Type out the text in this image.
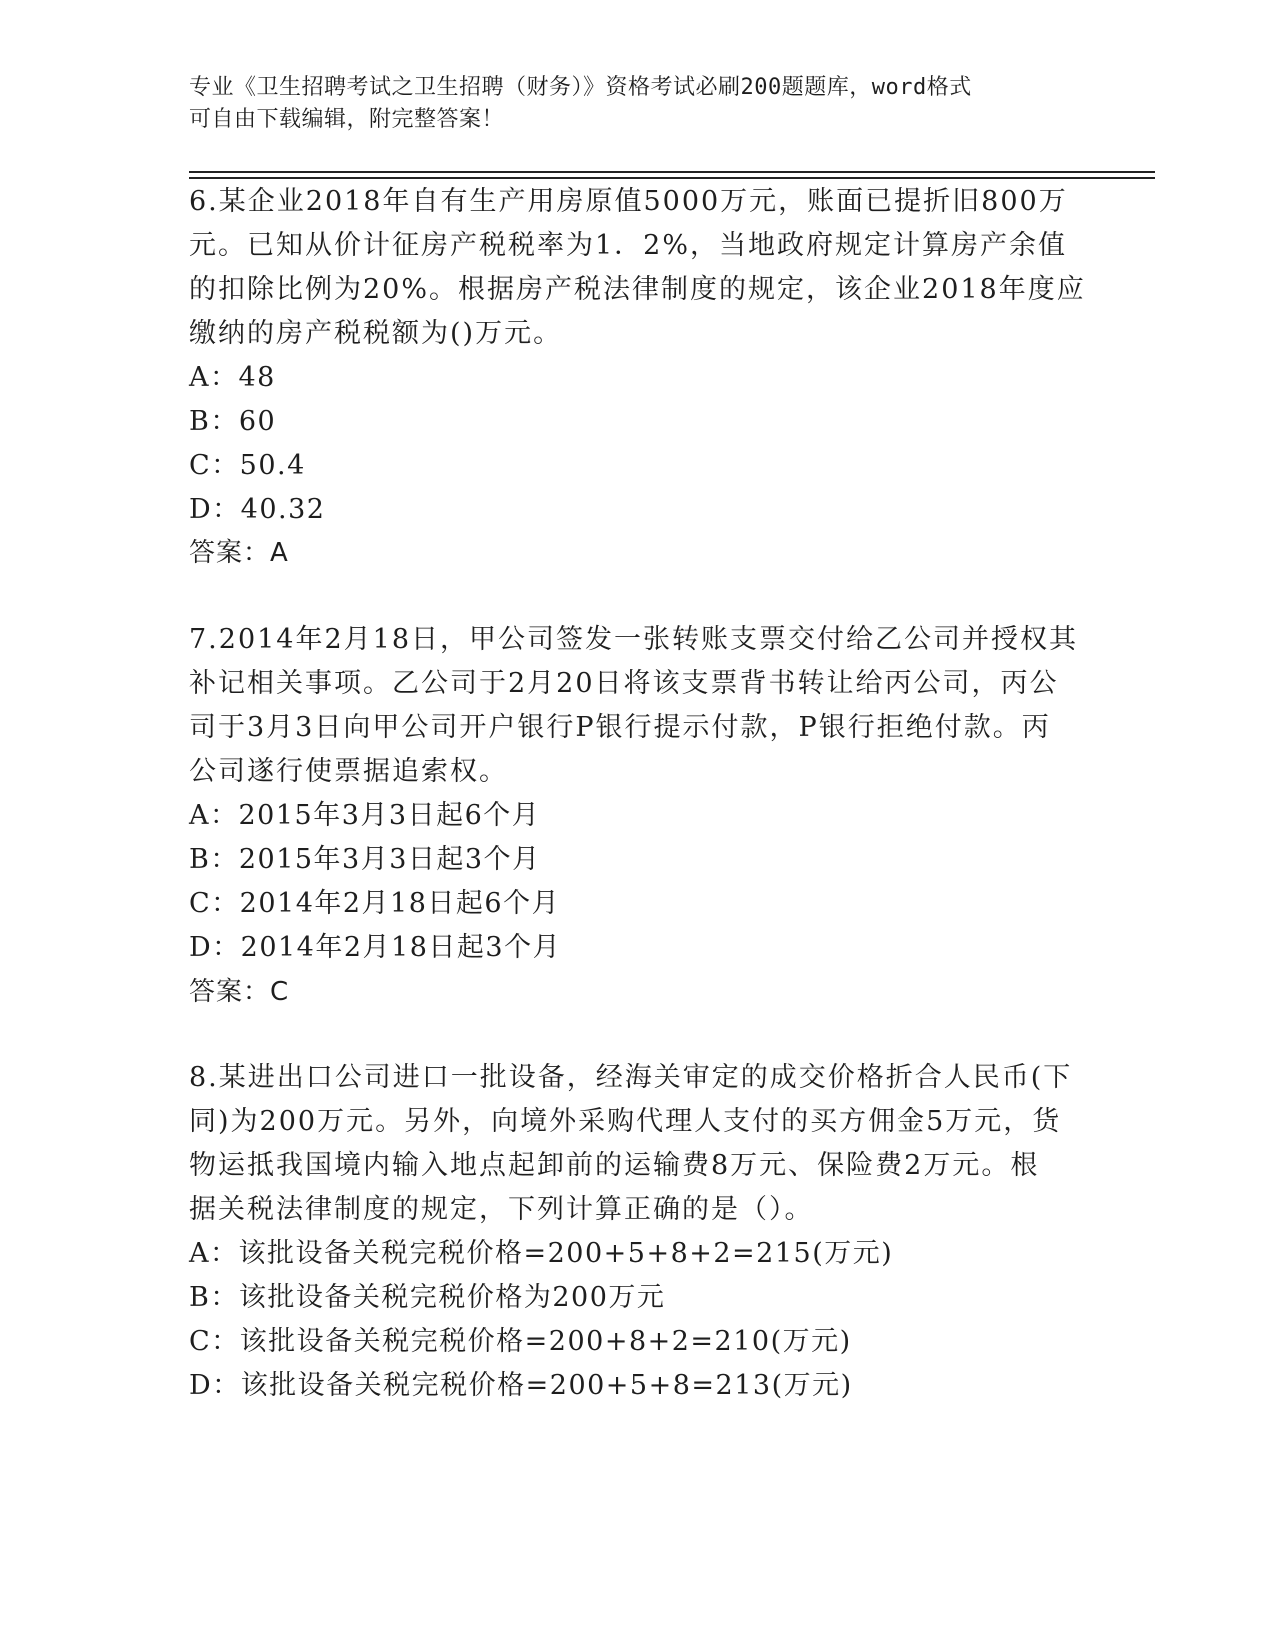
专业《卫生招聘考试之卫生招聘（财务）》资格考试必刷200题题库，word格式
可自由下载编辑，附完整答案！
6.某企业2018年自有生产用房原值5000万元，账面已提折旧800万
元。已知从价计征房产税税率为1．2%，当地政府规定计算房产余值
的扣除比例为20%。根据房产税法律制度的规定，该企业2018年度应
缴纳的房产税税额为()万元。
A：48
B：60
C：50.4
D：40.32
答案：A
7.2014年2月18日，甲公司签发一张转账支票交付给乙公司并授权其
补记相关事项。乙公司于2月20日将该支票背书转让给丙公司，丙公
司于3月3日向甲公司开户银行P银行提示付款，P银行拒绝付款。丙
公司遂行使票据追索权。
A：2015年3月3日起6个月
B：2015年3月3日起3个月
C：2014年2月18日起6个月
D：2014年2月18日起3个月
答案：C
8.某进出口公司进口一批设备，经海关审定的成交价格折合人民币(下
同)为200万元。另外，向境外采购代理人支付的买方佣金5万元，货
物运抵我国境内输入地点起卸前的运输费8万元、保险费2万元。根
据关税法律制度的规定，下列计算正确的是（）。
A：该批设备关税完税价格=200+5+8+2=215(万元)
B：该批设备关税完税价格为200万元
C：该批设备关税完税价格=200+8+2=210(万元)
D：该批设备关税完税价格=200+5+8=213(万元)
